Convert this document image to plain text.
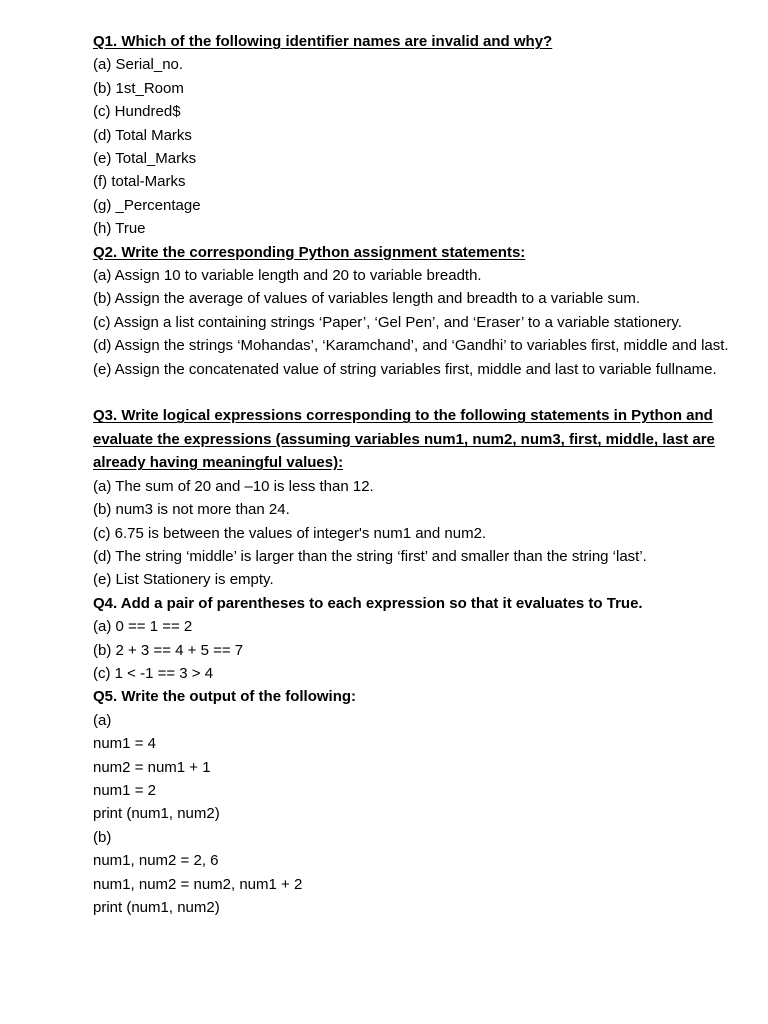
Q1. Which of the following identifier names are invalid and why?

(a) Serial_no.

(b) 1st_Room

(c) Hundred$

(d) Total Marks

(e) Total_Marks

(f) total-Marks

(g) _Percentage

(h) True

Q2. Write the corresponding Python assignment statements:

(a) Assign 10 to variable length and 20 to variable breadth.

(b) Assign the average of values of variables length and breadth to a variable sum.

(c) Assign a list containing strings ‘Paper’, ‘Gel Pen’, and ‘Eraser’ to a variable stationery.

(d) Assign the strings ‘Mohandas’, ‘Karamchand’, and ‘Gandhi’ to variables first, middle and last.

(e) Assign the concatenated value of string variables first, middle and last to variable fullname.

Q3. Write logical expressions corresponding to the following statements in Python and evaluate the expressions (assuming variables num1, num2, num3, first, middle, last are already having meaningful values):

(a) The sum of 20 and –10 is less than 12.

(b) num3 is not more than 24.

(c) 6.75 is between the values of integer's num1 and num2.

(d) The string ‘middle’ is larger than the string ‘first’ and smaller than the string ‘last’.

(e) List Stationery is empty.

Q4. Add a pair of parentheses to each expression so that it evaluates to True.

(a) 0 == 1 == 2

(b) 2 + 3 == 4 + 5 == 7

(c) 1 < -1 == 3 > 4

Q5. Write the output of the following:

(a)

num1 = 4

num2 = num1 + 1

num1 = 2

print (num1, num2)

(b)

num1, num2 = 2, 6

num1, num2 = num2, num1 + 2

print (num1, num2)
